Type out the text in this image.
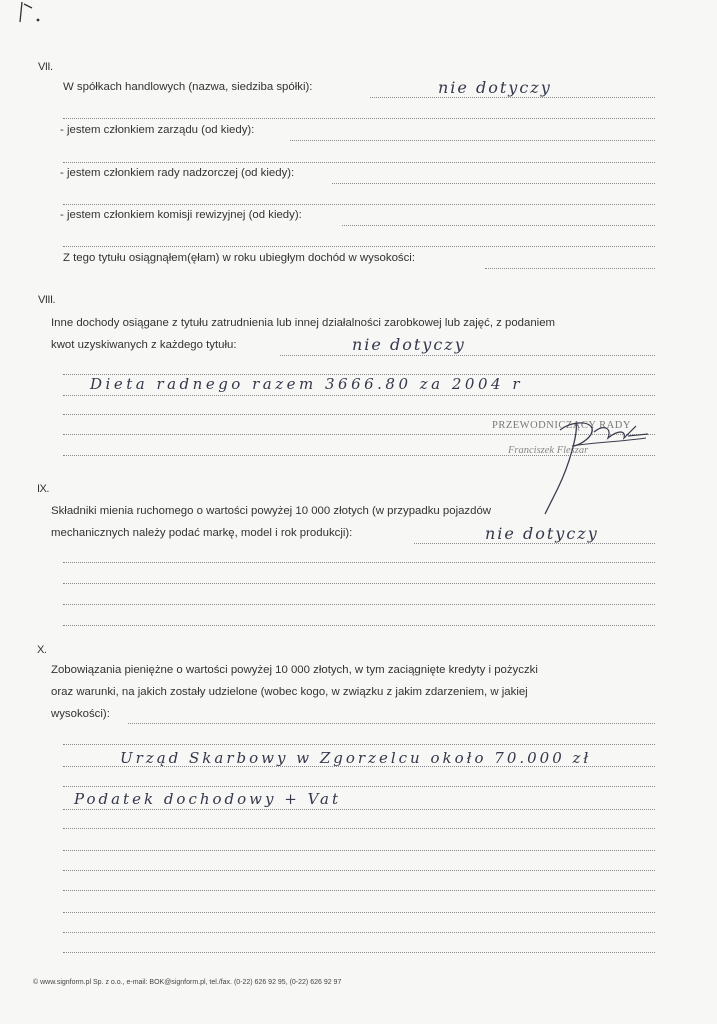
VII.
W spółkach handlowych (nazwa, siedziba spółki):	nie dotyczy
- jestem członkiem zarządu (od kiedy):
- jestem członkiem rady nadzorczej (od kiedy):
- jestem członkiem komisji rewizyjnej (od kiedy):
Z tego tytułu osiągnąłem(ęłam) w roku ubiegłym dochód w wysokości:
VIII.
Inne dochody osiągane z tytułu zatrudnienia lub innej działalności zarobkowej lub zajęć, z podaniem
kwot uzyskiwanych z każdego tytułu:	nie dotyczy
Dieta radnego razem 3666.80 za 2004 r
PRZEWODNICZĄCY RADY
Franciszek Fleszar
IX.
Składniki mienia ruchomego o wartości powyżej 10 000 złotych (w przypadku pojazdów
mechanicznych należy podać markę, model i rok produkcji):	nie dotyczy
X.
Zobowiązania pieniężne o wartości powyżej 10 000 złotych, w tym zaciągnięte kredyty i pożyczki
oraz warunki, na jakich zostały udzielone (wobec kogo, w związku z jakim zdarzeniem, w jakiej
wysokości):
Urząd Skarbowy w Zgorzelcu około 70.000 zł
Podatek dochodowy + Vat
© www.signform.pl Sp. z o.o., e-mail: BOK@signform.pl, tel./fax. (0-22) 626 92 95, (0-22) 626 92 97
